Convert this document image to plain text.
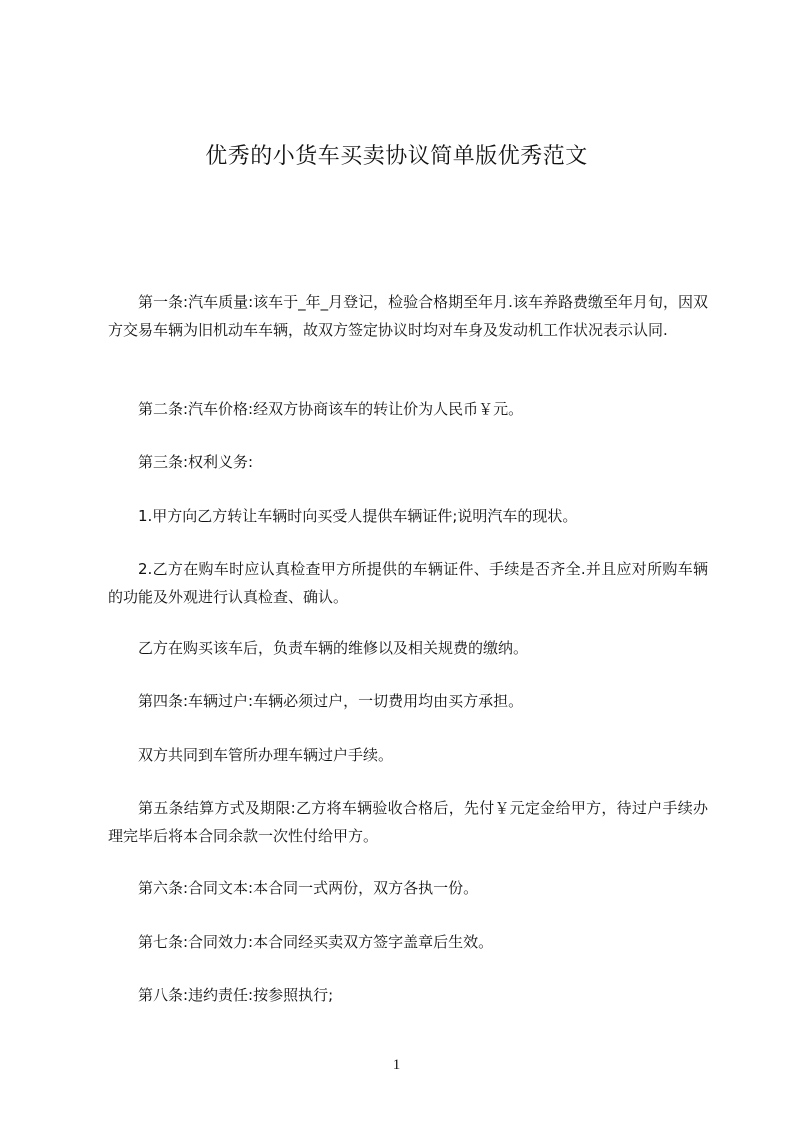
优秀的小货车买卖协议简单版优秀范文

第一条:汽车质量:该车于_年_月登记，检验合格期至年月.该车养路费缴至年月旬，因双方交易车辆为旧机动车车辆，故双方签定协议时均对车身及发动机工作状况表示认同.

第二条:汽车价格:经双方协商该车的转让价为人民币￥元。

第三条:权利义务:

1.甲方向乙方转让车辆时向买受人提供车辆证件;说明汽车的现状。

2.乙方在购车时应认真检查甲方所提供的车辆证件、手续是否齐全.并且应对所购车辆的功能及外观进行认真检查、确认。

乙方在购买该车后，负责车辆的维修以及相关规费的缴纳。

第四条:车辆过户:车辆必须过户，一切费用均由买方承担。

双方共同到车管所办理车辆过户手续。

第五条结算方式及期限:乙方将车辆验收合格后，先付￥元定金给甲方，待过户手续办理完毕后将本合同余款一次性付给甲方。

第六条:合同文本:本合同一式两份，双方各执一份。

第七条:合同效力:本合同经买卖双方签字盖章后生效。

第八条:违约责任:按参照执行;

1
